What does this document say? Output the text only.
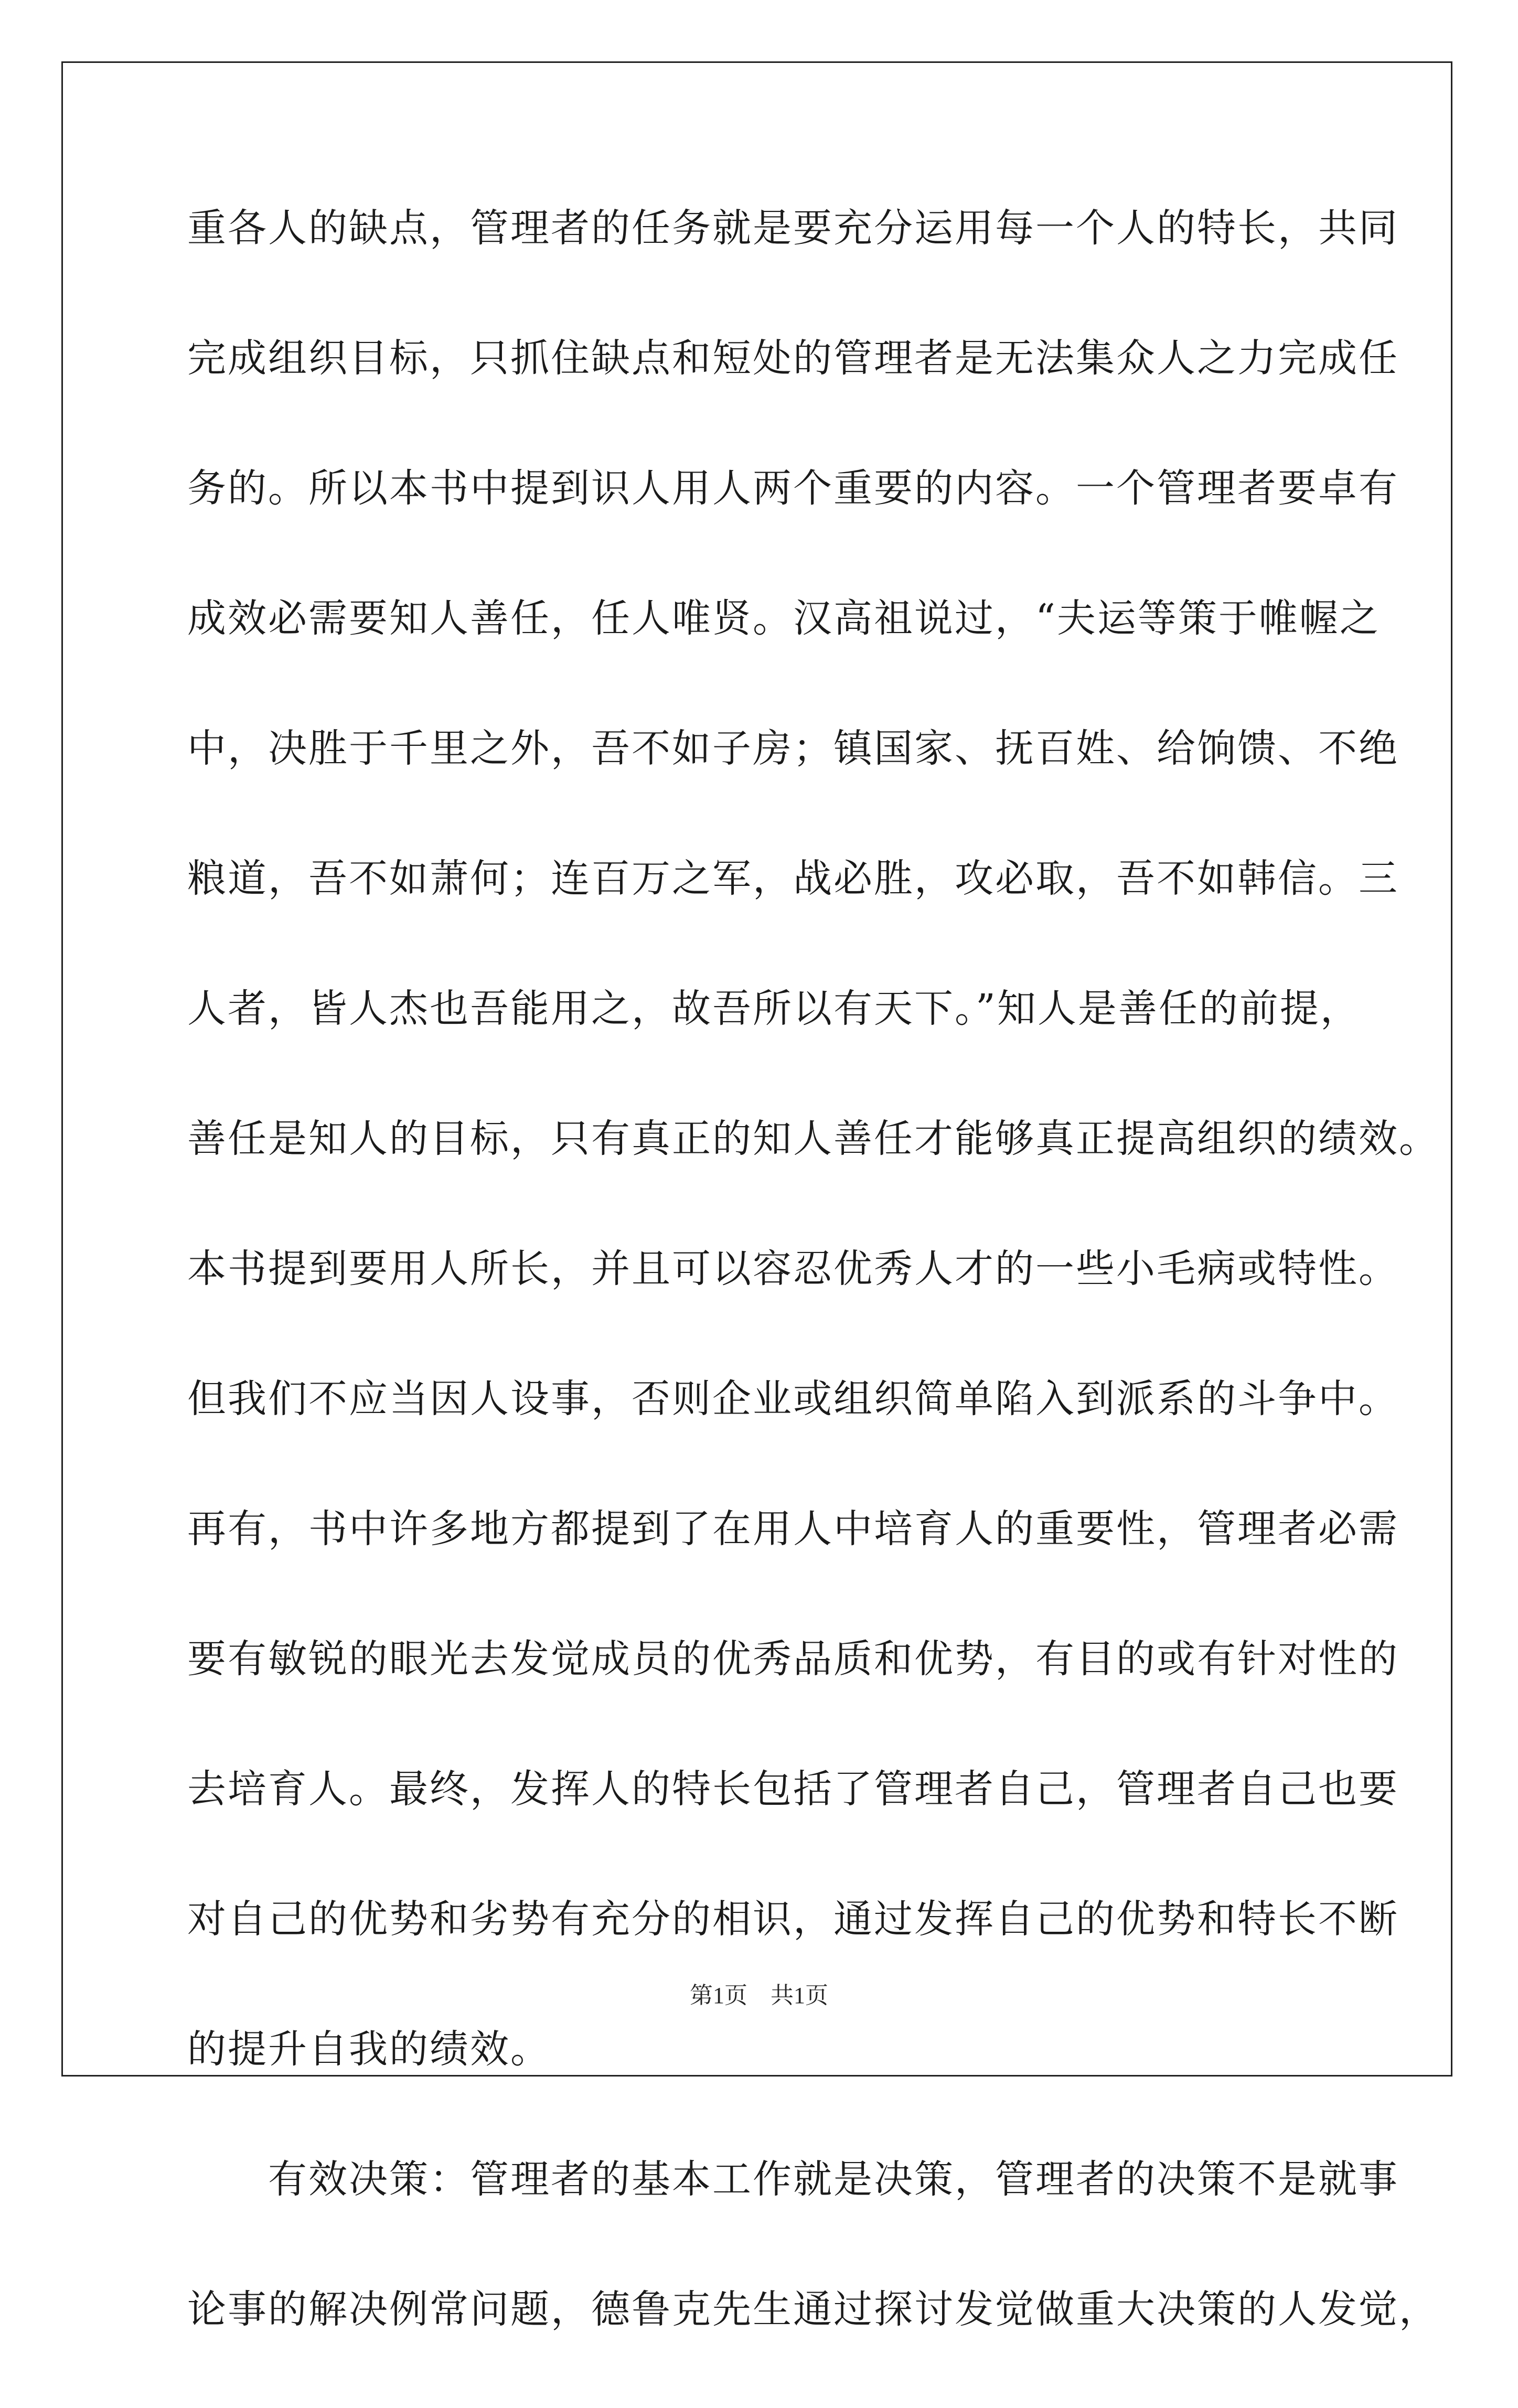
重各人的缺点，管理者的任务就是要充分运用每一个人的特长，共同
完成组织目标，只抓住缺点和短处的管理者是无法集众人之力完成任
务的。所以本书中提到识人用人两个重要的内容。一个管理者要卓有
成效必需要知人善任，任人唯贤。汉高祖说过，“夫运等策于帷幄之
中，决胜于千里之外，吾不如子房；镇国家、抚百姓、给饷馈、不绝
粮道，吾不如萧何；连百万之军，战必胜，攻必取，吾不如韩信。三
人者，皆人杰也吾能用之，故吾所以有天下。”知人是善任的前提，
善任是知人的目标，只有真正的知人善任才能够真正提高组织的绩效。
本书提到要用人所长，并且可以容忍优秀人才的一些小毛病或特性。
但我们不应当因人设事，否则企业或组织简单陷入到派系的斗争中。
再有，书中许多地方都提到了在用人中培育人的重要性，管理者必需
要有敏锐的眼光去发觉成员的优秀品质和优势，有目的或有针对性的
去培育人。最终，发挥人的特长包括了管理者自己，管理者自己也要
对自己的优势和劣势有充分的相识，通过发挥自己的优势和特长不断
的提升自我的绩效。
　　有效决策：管理者的基本工作就是决策，管理者的决策不是就事
论事的解决例常问题，德鲁克先生通过探讨发觉做重大决策的人发觉，
第1页　共1页
